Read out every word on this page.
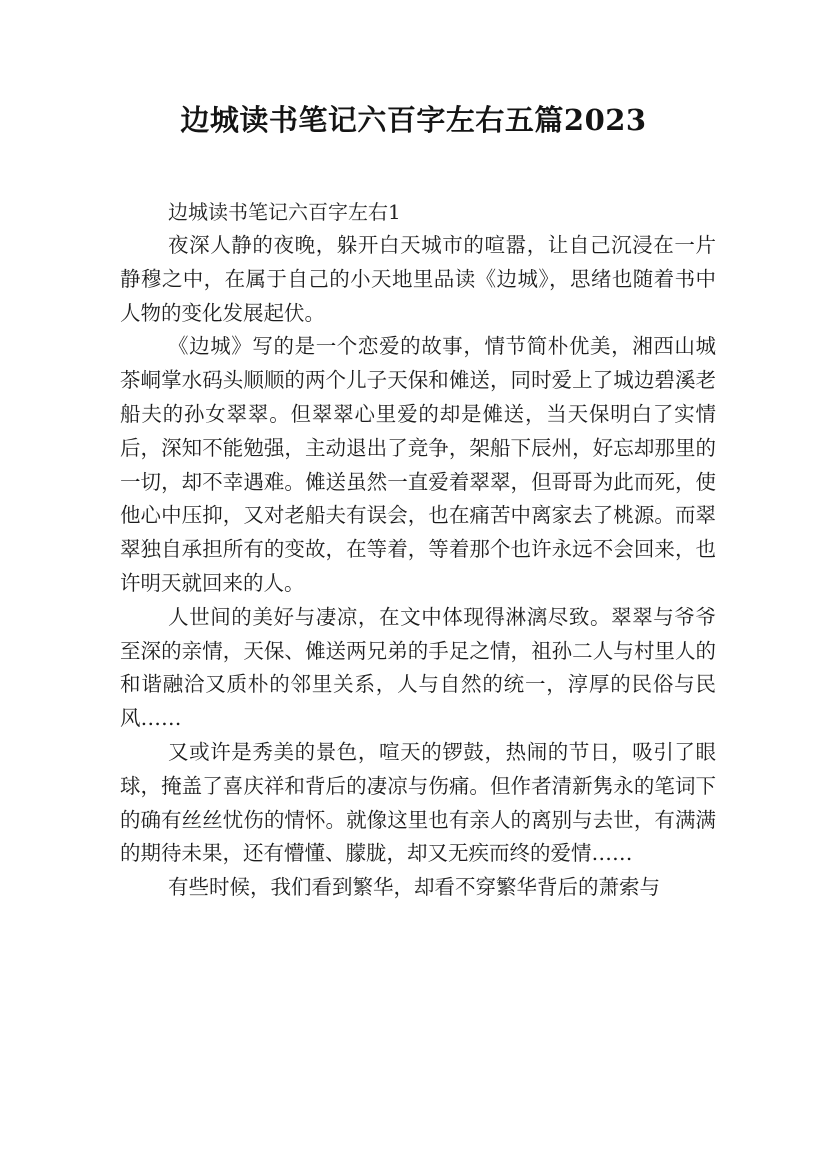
边城读书笔记六百字左右五篇2023

边城读书笔记六百字左右1

夜深人静的夜晚，躲开白天城市的喧嚣，让自己沉浸在一片静穆之中，在属于自己的小天地里品读《边城》，思绪也随着书中人物的变化发展起伏。

《边城》写的是一个恋爱的故事，情节简朴优美，湘西山城茶峒掌水码头顺顺的两个儿子天保和傩送，同时爱上了城边碧溪老船夫的孙女翠翠。但翠翠心里爱的却是傩送，当天保明白了实情后，深知不能勉强，主动退出了竞争，架船下辰州，好忘却那里的一切，却不幸遇难。傩送虽然一直爱着翠翠，但哥哥为此而死，使他心中压抑，又对老船夫有误会，也在痛苦中离家去了桃源。而翠翠独自承担所有的变故，在等着，等着那个也许永远不会回来，也许明天就回来的人。

人世间的美好与凄凉，在文中体现得淋漓尽致。翠翠与爷爷至深的亲情，天保、傩送两兄弟的手足之情，祖孙二人与村里人的和谐融洽又质朴的邻里关系，人与自然的统一，淳厚的民俗与民风……

又或许是秀美的景色，喧天的锣鼓，热闹的节日，吸引了眼球，掩盖了喜庆祥和背后的凄凉与伤痛。但作者清新隽永的笔词下的确有丝丝忧伤的情怀。就像这里也有亲人的离别与去世，有满满的期待未果，还有懵懂、朦胧，却又无疾而终的爱情……

有些时候，我们看到繁华，却看不穿繁华背后的萧索与
